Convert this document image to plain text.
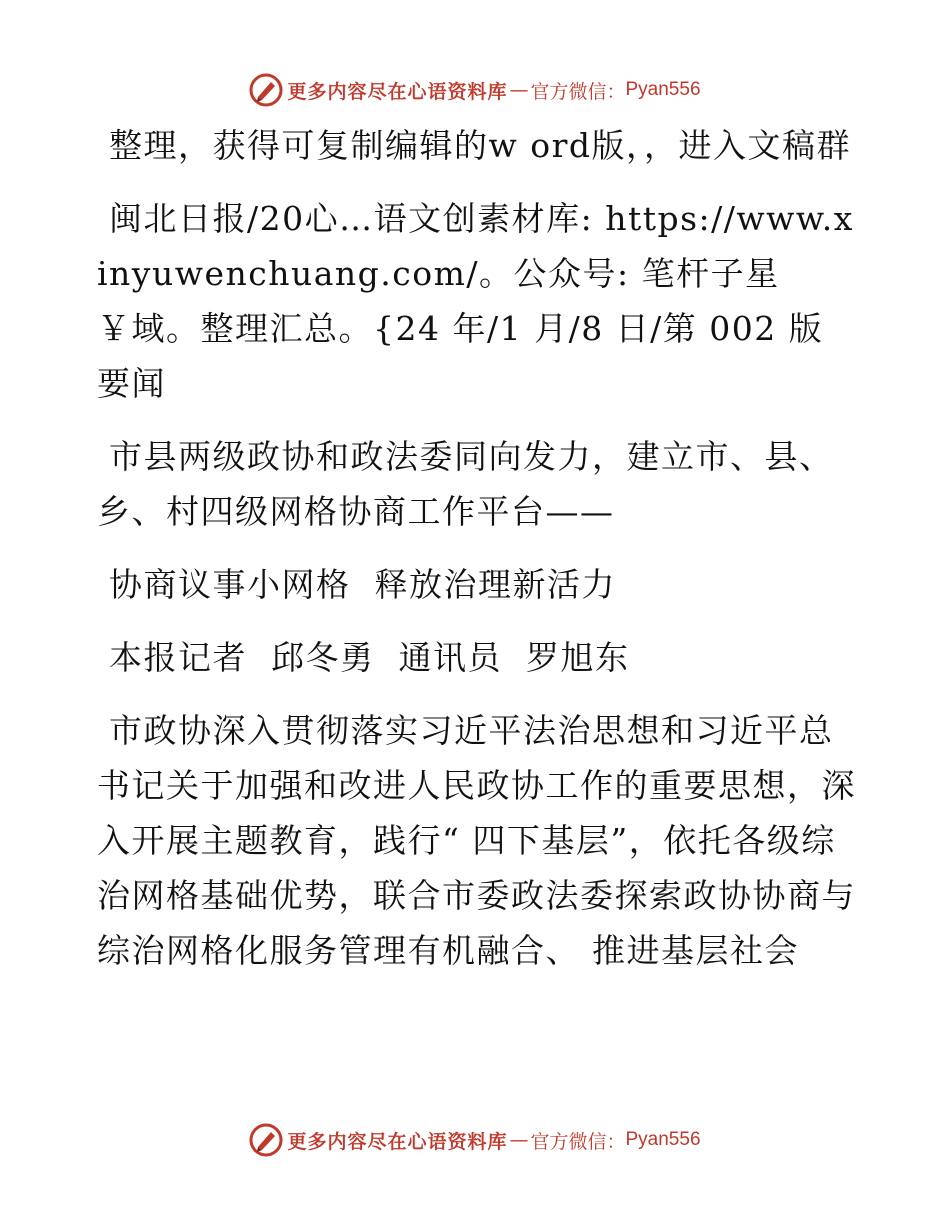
更多内容尽在心语资料库 — 官方微信： Pyan556

整理，获得可复制编辑的w ord版，，进入文稿群

闽北日报/20心…语文创素材库: https://www.xinyuwenchuang.com/。公众号: 笔杆子星￥域。整理汇总。{24 年/1 月/8 日/第 002 版要闻

市县两级政协和政法委同向发力，建立市、县、乡、村四级网格协商工作平台——

协商议事小网格  释放治理新活力

本报记者  邱冬勇  通讯员  罗旭东

市政协深入贯彻落实习近平法治思想和习近平总书记关于加强和改进人民政协工作的重要思想，深入开展主题教育，践行“ 四下基层”，依托各级综治网格基础优势，联合市委政法委探索政协协商与综治网格化服务管理有机融合、 推进基层社会

更多内容尽在心语资料库 — 官方微信： Pyan556
